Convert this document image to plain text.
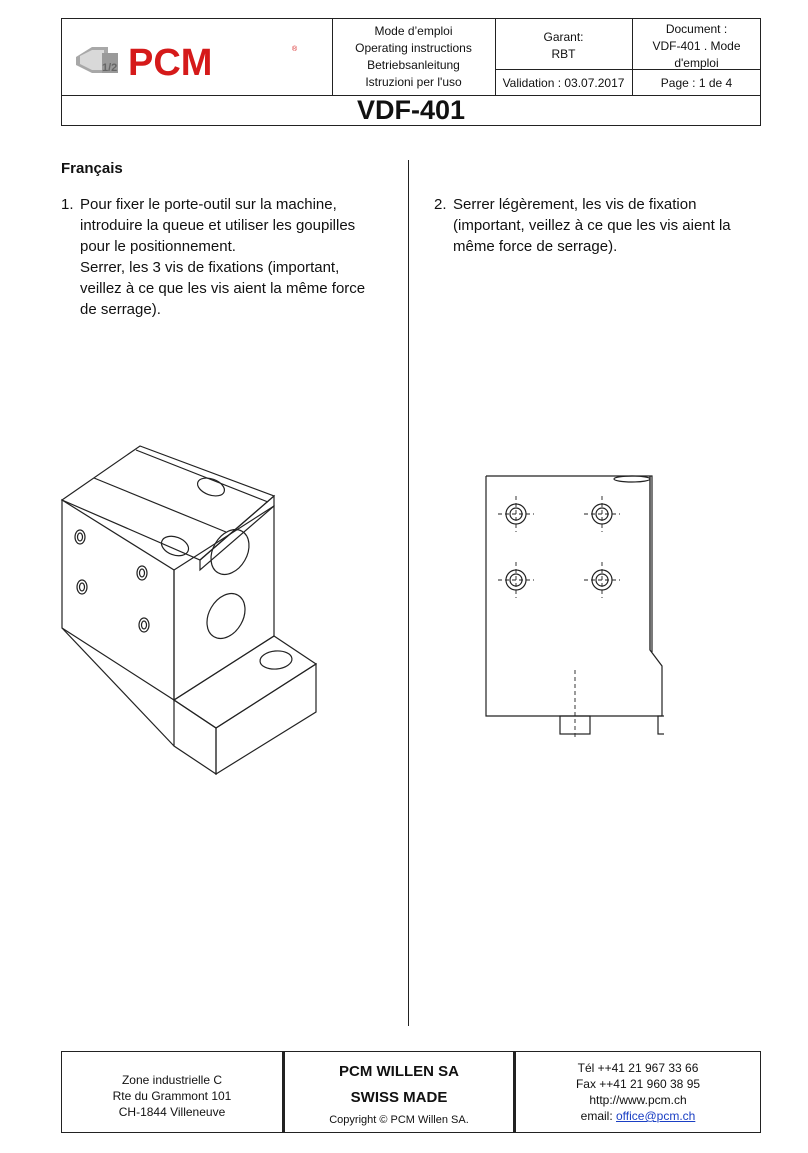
1/2 PCM	®
Mode d’emploi
Operating instructions
Betriebsanleitung
Istruzioni per l'uso
Garant:
RBT
Document :
VDF-401 . Mode
d'emploi
Validation : 03.07.2017	Page : 1 de 4
VDF-401
Français
1. Pour fixer le porte-outil sur la machine,
introduire la queue et utiliser les goupilles
pour le positionnement.
Serrer, les 3 vis de fixations (important,
veillez à ce que les vis aient la même force
de serrage).
2. Serrer légèrement, les vis de fixation
(important, veillez à ce que les vis aient la
même force de serrage).
Zone industrielle C
Rte du Grammont 101
CH-1844 Villeneuve
PCM WILLEN SA
SWISS MADE
Copyright © PCM Willen SA.
Tél ++41 21 967 33 66
Fax ++41 21 960 38 95
http://www.pcm.ch
email: office@pcm.ch
